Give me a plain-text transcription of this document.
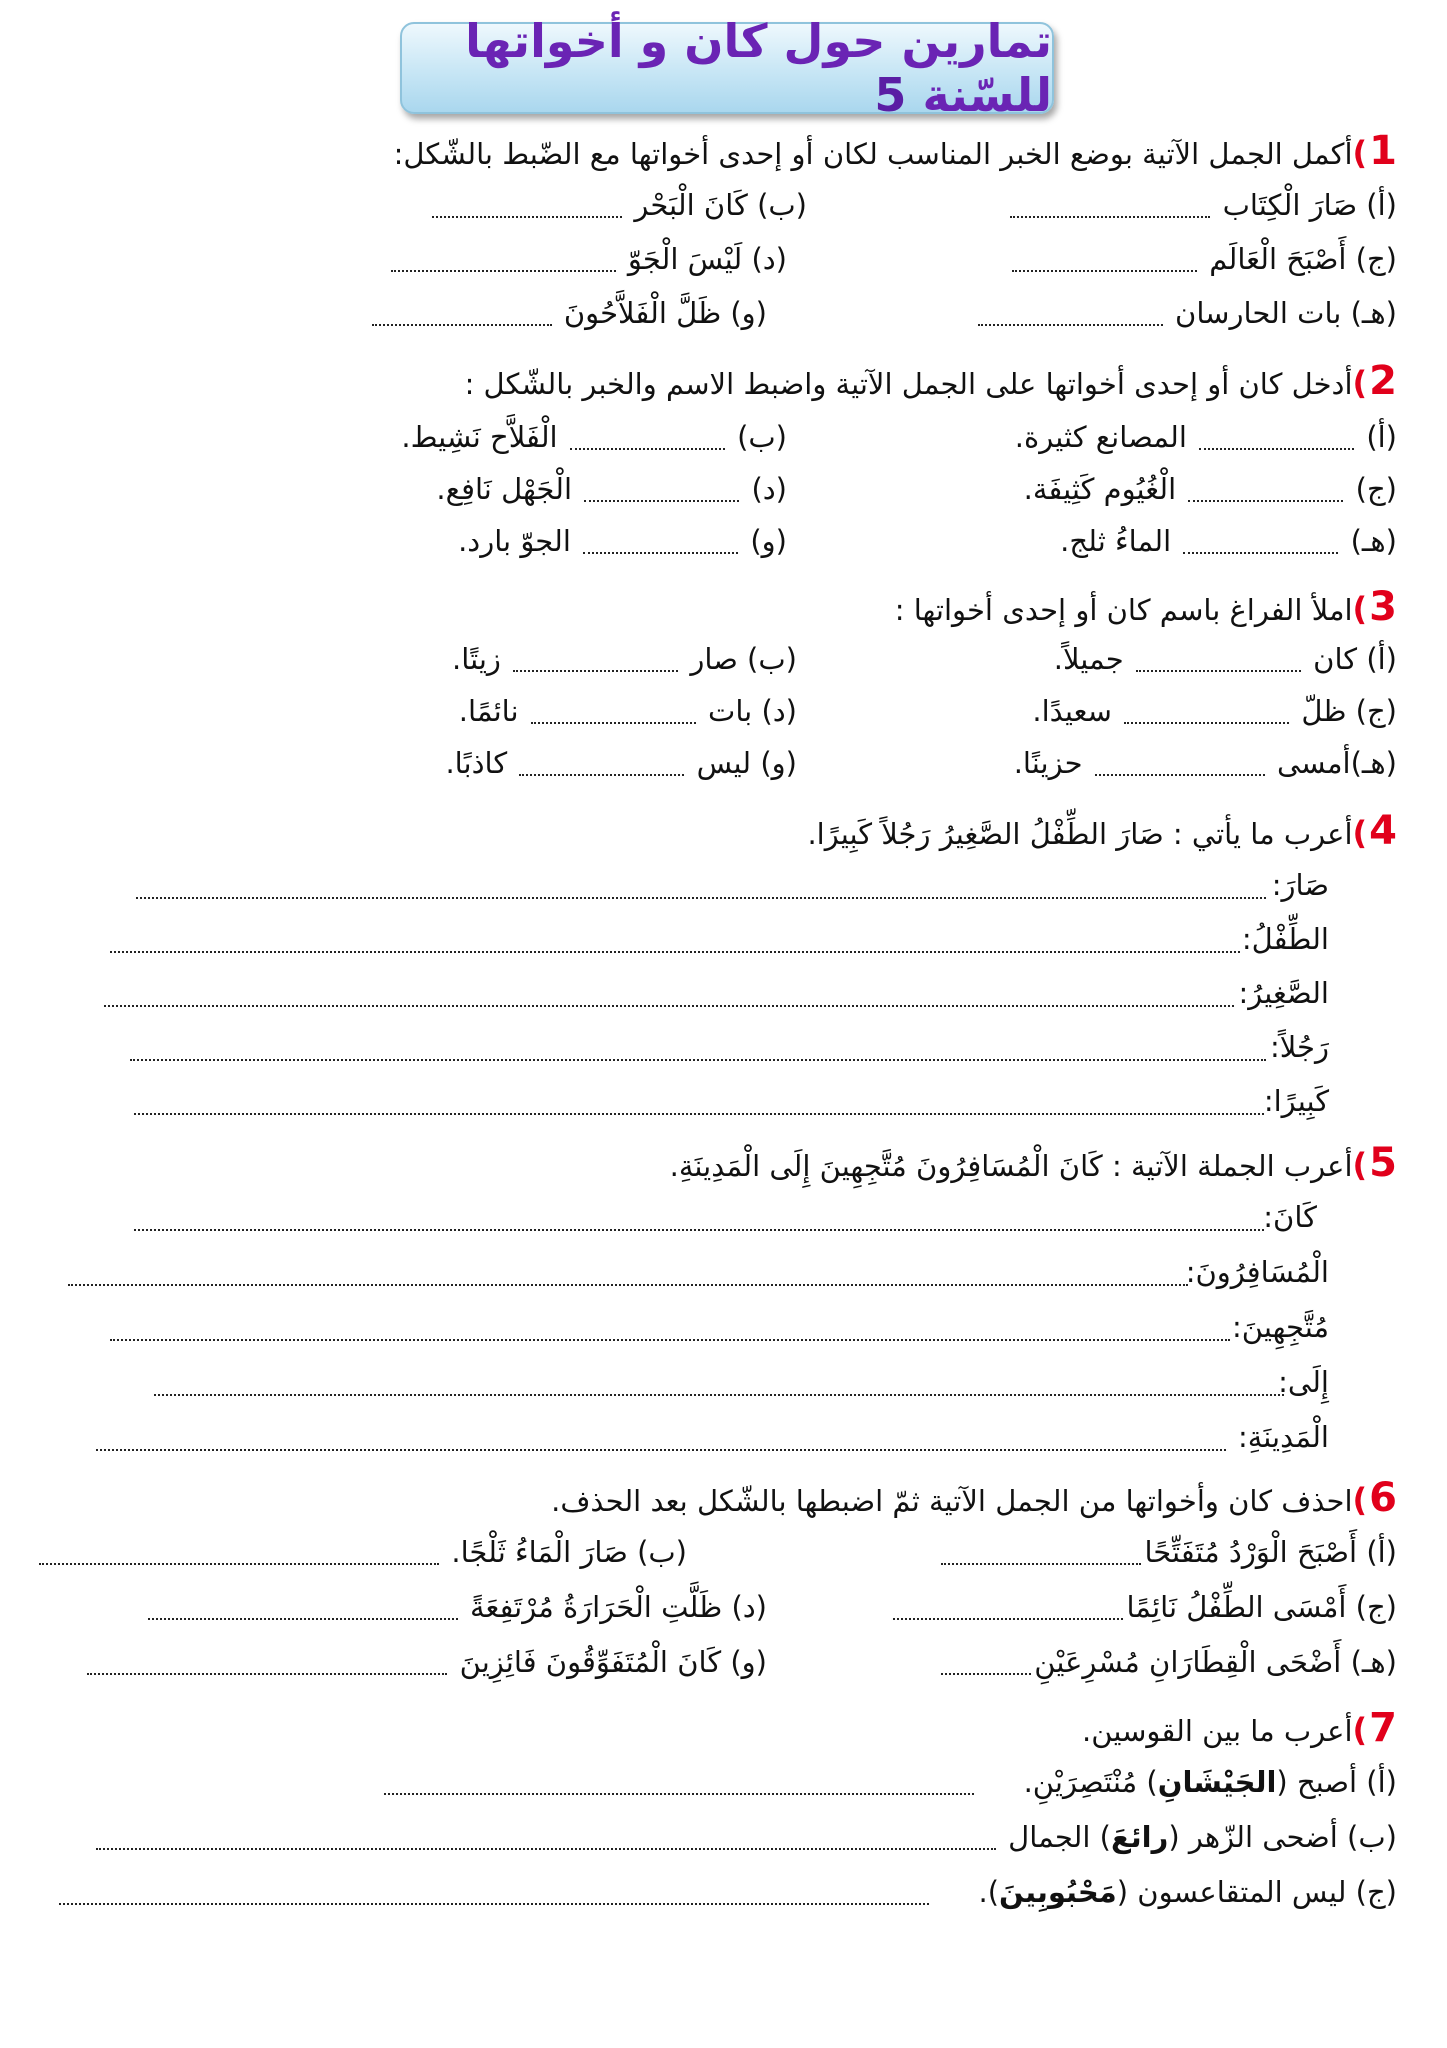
تمارين حول كان و أخواتها للسّنة 5
1)أكمل الجمل الآتية بوضع الخبر المناسب لكان أو إحدى أخواتها مع الضّبط بالشّكل:
(أ) صَارَ الْكِتَاب
(ب) كَانَ الْبَحْر
(ج) أَصْبَحَ الْعَالَم
(د) لَيْسَ الْجَوّ
(هـ) بات الحارسان
(و) ظَلَّ الْفَلاَّحُونَ
2)أدخل كان أو إحدى أخواتها على الجمل الآتية واضبط الاسم والخبر بالشّكل :
(أ)  المصانع كثيرة.
(ب)  الْفَلاَّح نَشِيط.
(ج)  الْغُيُوم كَثِيفَة.
(د)  الْجَهْل نَافِع.
(هـ)  الماءُ ثلج.
(و)  الجوّ بارد.
3)املأ الفراغ باسم كان أو إحدى أخواتها :
(أ) كان  جميلاً.
(ب) صار  زيتًا.
(ج) ظلّ  سعيدًا.
(د) بات  نائمًا.
(هـ)أمسى  حزينًا.
(و) ليس  كاذبًا.
4)أعرب ما يأتي : صَارَ الطِّفْلُ الصَّغِيرُ رَجُلاً كَبِيرًا.
صَارَ:
الطِّفْلُ:
الصَّغِيرُ:
رَجُلاً:
كَبِيرًا:
5)أعرب الجملة الآتية : كَانَ الْمُسَافِرُونَ مُتَّجِهِينَ إِلَى الْمَدِينَةِ.
كَانَ:
الْمُسَافِرُونَ:
مُتَّجِهِينَ:
إِلَى:
الْمَدِينَةِ:
6)احذف كان وأخواتها من الجمل الآتية ثمّ اضبطها بالشّكل بعد الحذف.
(أ) أَصْبَحَ الْوَرْدُ مُتَفَتِّحًا
(ب) صَارَ الْمَاءُ ثَلْجًا.
(ج) أَمْسَى الطِّفْلُ نَائِمًا
(د) ظَلَّتِ الْحَرَارَةُ مُرْتَفِعَةً
(هـ) أَضْحَى الْقِطَارَانِ مُسْرِعَيْنِ
(و) كَانَ الْمُتَفَوِّقُونَ فَائِزِينَ
7)أعرب ما بين القوسين.
(أ) أصبح (الجَيْشَانِ) مُنْتَصِرَيْنِ.
(ب) أضحى الزّهر (رائعَ) الجمال
(ج) ليس المتقاعسون (مَحْبُوبِينَ).
